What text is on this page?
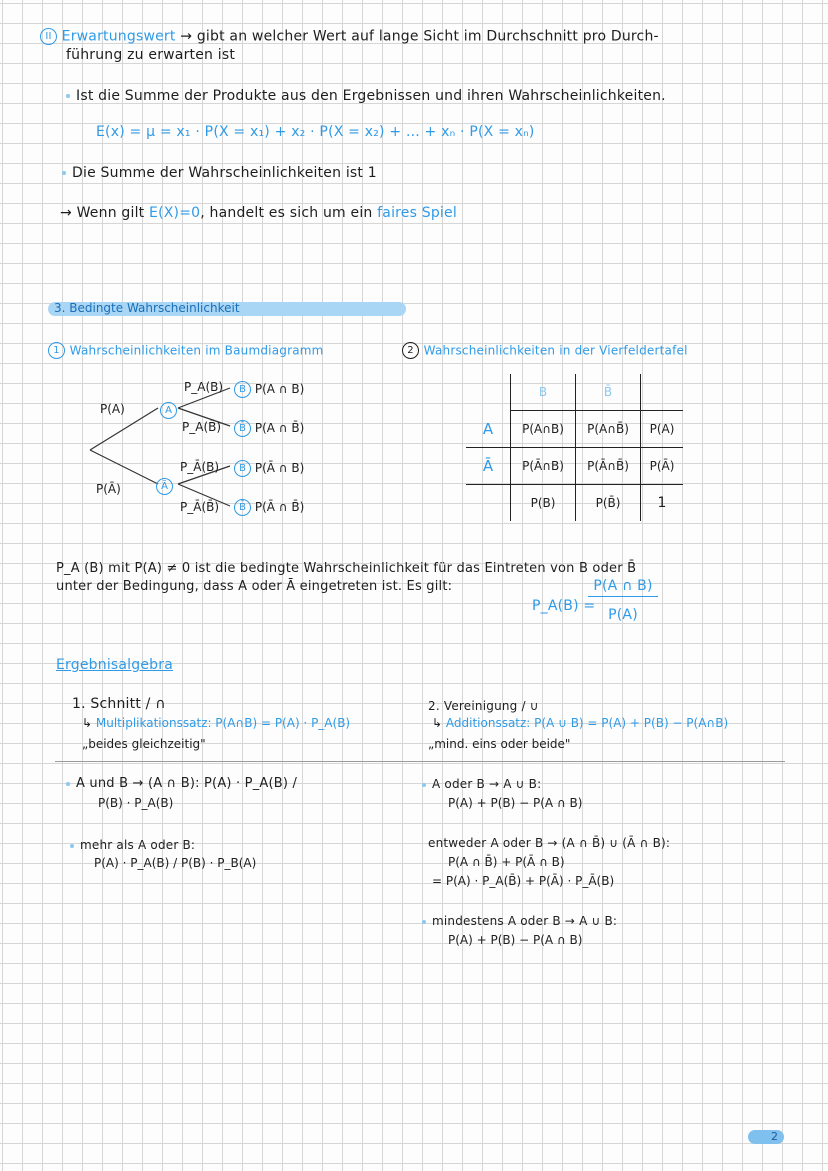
II Erwartungswert → gibt an welcher Wert auf lange Sicht im Durchschnitt pro Durch-
führung zu erwarten ist
Ist die Summe der Produkte aus den Ergebnissen und ihren Wahrscheinlichkeiten.
E(x) = μ = x₁ · P(X = x₁) + x₂ · P(X = x₂) + ... + xₙ · P(X = xₙ)
Die Summe der Wahrscheinlichkeiten ist 1
→ Wenn gilt E(X)=0, handelt es sich um ein faires Spiel
3. Bedingte Wahrscheinlichkeit
1 Wahrscheinlichkeiten im Baumdiagramm
P(A)
P(Ā)
A
Ā
P_A(B)
P_A(B̄)
P_Ā(B)
P_Ā(B̄)
B P(A ∩ B)
B̄ P(A ∩ B̄)
B P(Ā ∩ B)
B̄ P(Ā ∩ B̄)
2 Wahrscheinlichkeiten in der Vierfeldertafel
	B	B̄	
A	P(A∩B)	P(A∩B̄)	P(A)
Ā	P(Ā∩B)	P(Ā∩B̄)	P(Ā)
	P(B)	P(B̄)	1
P_A (B) mit P(A) ≠ 0 ist die bedingte Wahrscheinlichkeit für das Eintreten von B oder B̄
unter der Bedingung, dass A oder Ā eingetreten ist. Es gilt:
P_A(B) =
P(A ∩ B)
P(A)
Ergebnisalgebra
1. Schnitt / ∩
↳ Multiplikationssatz: P(A∩B) = P(A) · P_A(B)
„beides gleichzeitig"
2. Vereinigung / ∪
↳ Additionssatz: P(A ∪ B) = P(A) + P(B) − P(A∩B)
„mind. eins oder beide"
A und B → (A ∩ B): P(A) · P_A(B) /
P(B) · P_A(B)
mehr als A oder B:
P(A) · P_A(B) / P(B) · P_B(A)
A oder B → A ∪ B:
P(A) + P(B) − P(A ∩ B)
entweder A oder B → (A ∩ B̄) ∪ (Ā ∩ B):
P(A ∩ B̄) + P(Ā ∩ B)
= P(A) · P_A(B̄) + P(Ā) · P_Ā(B)
mindestens A oder B → A ∪ B:
P(A) + P(B) − P(A ∩ B)
2
